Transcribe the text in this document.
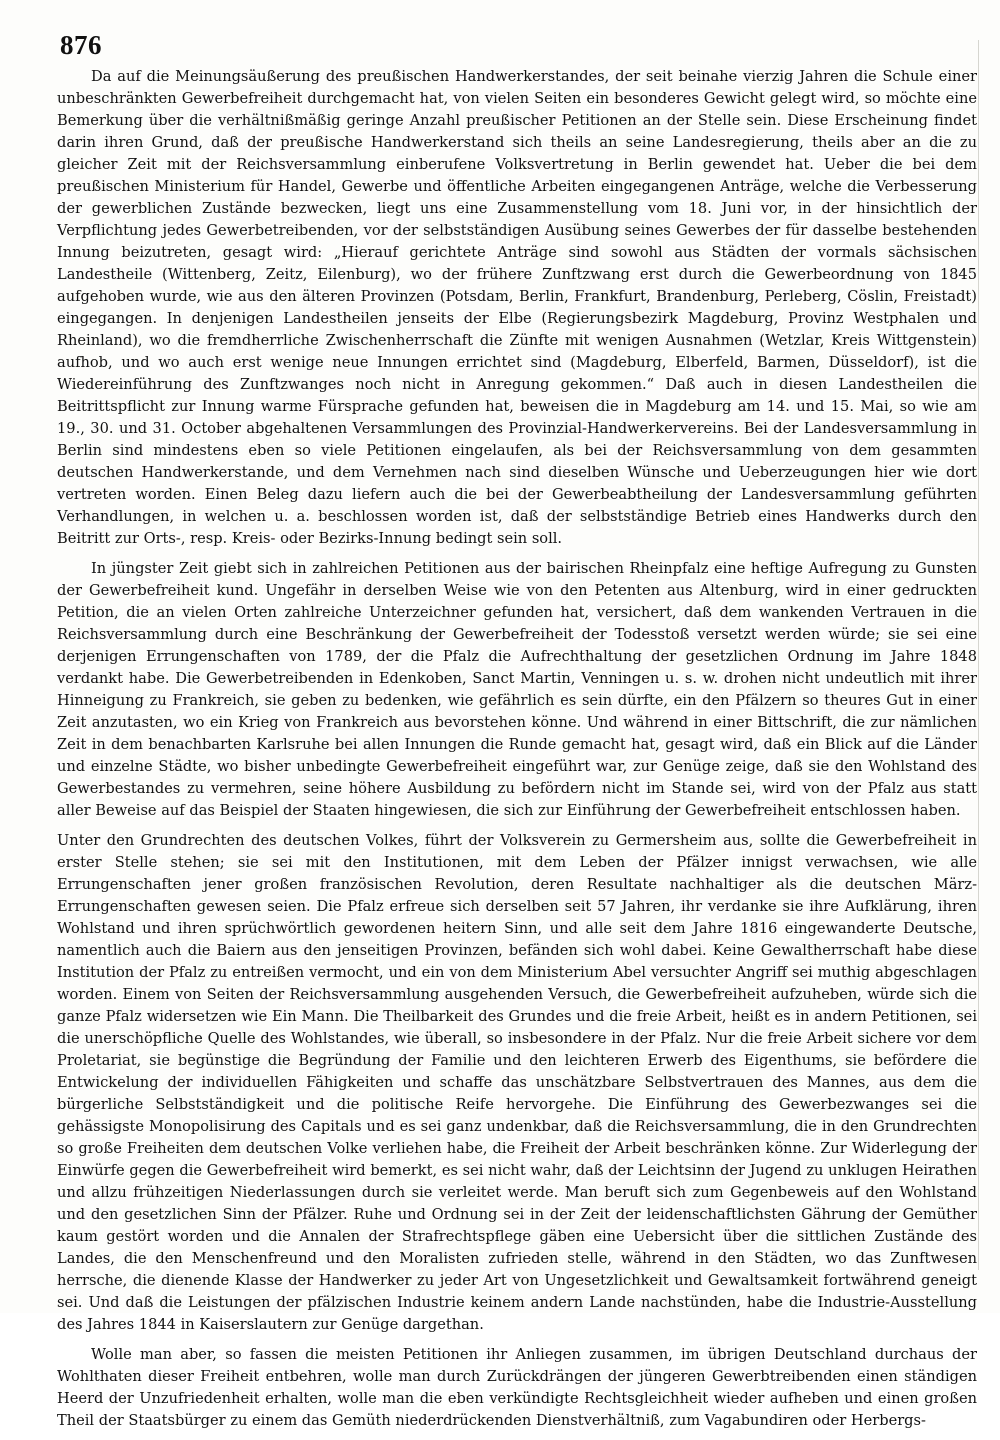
876

Da auf die Meinungsäußerung des preußischen Handwerkerstandes, der seit beinahe vierzig Jahren die Schule einer unbeschränkten Gewerbefreiheit durchgemacht hat, von vielen Seiten ein besonderes Gewicht gelegt wird, so möchte eine Bemerkung über die verhältnißmäßig geringe Anzahl preußischer Petitionen an der Stelle sein. Diese Erscheinung findet darin ihren Grund, daß der preußische Handwerkerstand sich theils an seine Landesregierung, theils aber an die zu gleicher Zeit mit der Reichsversammlung einberufene Volksvertretung in Berlin gewendet hat. Ueber die bei dem preußischen Ministerium für Handel, Gewerbe und öffentliche Arbeiten eingegangenen Anträge, welche die Verbesserung der gewerblichen Zustände bezwecken, liegt uns eine Zusammenstellung vom 18. Juni vor, in der hinsichtlich der Verpflichtung jedes Gewerbetreibenden, vor der selbstständigen Ausübung seines Gewerbes der für dasselbe bestehenden Innung beizutreten, gesagt wird: „Hierauf gerichtete Anträge sind sowohl aus Städten der vormals sächsischen Landestheile (Wittenberg, Zeitz, Eilenburg), wo der frühere Zunftzwang erst durch die Gewerbeordnung von 1845 aufgehoben wurde, wie aus den älteren Provinzen (Potsdam, Berlin, Frankfurt, Brandenburg, Perleberg, Cöslin, Freistadt) eingegangen. In denjenigen Landestheilen jenseits der Elbe (Regierungsbezirk Magdeburg, Provinz Westphalen und Rheinland), wo die fremdherrliche Zwischenherrschaft die Zünfte mit wenigen Ausnahmen (Wetzlar, Kreis Wittgenstein) aufhob, und wo auch erst wenige neue Innungen errichtet sind (Magdeburg, Elberfeld, Barmen, Düsseldorf), ist die Wiedereinführung des Zunftzwanges noch nicht in Anregung gekommen.“ Daß auch in diesen Landestheilen die Beitrittspflicht zur Innung warme Fürsprache gefunden hat, beweisen die in Magdeburg am 14. und 15. Mai, so wie am 19., 30. und 31. October abgehaltenen Versammlungen des Provinzial-Handwerkervereins. Bei der Landesversammlung in Berlin sind mindestens eben so viele Petitionen eingelaufen, als bei der Reichsversammlung von dem gesammten deutschen Handwerkerstande, und dem Vernehmen nach sind dieselben Wünsche und Ueberzeugungen hier wie dort vertreten worden. Einen Beleg dazu liefern auch die bei der Gewerbeabtheilung der Landesversammlung geführten Verhandlungen, in welchen u. a. beschlossen worden ist, daß der selbstständige Betrieb eines Handwerks durch den Beitritt zur Orts-, resp. Kreis- oder Bezirks-Innung bedingt sein soll.

In jüngster Zeit giebt sich in zahlreichen Petitionen aus der bairischen Rheinpfalz eine heftige Aufregung zu Gunsten der Gewerbefreiheit kund. Ungefähr in derselben Weise wie von den Petenten aus Altenburg, wird in einer gedruckten Petition, die an vielen Orten zahlreiche Unterzeichner gefunden hat, versichert, daß dem wankenden Vertrauen in die Reichsversammlung durch eine Beschränkung der Gewerbefreiheit der Todesstoß versetzt werden würde; sie sei eine derjenigen Errungenschaften von 1789, der die Pfalz die Aufrechthaltung der gesetzlichen Ordnung im Jahre 1848 verdankt habe. Die Gewerbetreibenden in Edenkoben, Sanct Martin, Venningen u. s. w. drohen nicht undeutlich mit ihrer Hinneigung zu Frankreich, sie geben zu bedenken, wie gefährlich es sein dürfte, ein den Pfälzern so theures Gut in einer Zeit anzutasten, wo ein Krieg von Frankreich aus bevorstehen könne. Und während in einer Bittschrift, die zur nämlichen Zeit in dem benachbarten Karlsruhe bei allen Innungen die Runde gemacht hat, gesagt wird, daß ein Blick auf die Länder und einzelne Städte, wo bisher unbedingte Gewerbefreiheit eingeführt war, zur Genüge zeige, daß sie den Wohlstand des Gewerbestandes zu vermehren, seine höhere Ausbildung zu befördern nicht im Stande sei, wird von der Pfalz aus statt aller Beweise auf das Beispiel der Staaten hingewiesen, die sich zur Einführung der Gewerbefreiheit entschlossen haben.

Unter den Grundrechten des deutschen Volkes, führt der Volksverein zu Germersheim aus, sollte die Gewerbefreiheit in erster Stelle stehen; sie sei mit den Institutionen, mit dem Leben der Pfälzer innigst verwachsen, wie alle Errungenschaften jener großen französischen Revolution, deren Resultate nachhaltiger als die deutschen März-Errungenschaften gewesen seien. Die Pfalz erfreue sich derselben seit 57 Jahren, ihr verdanke sie ihre Aufklärung, ihren Wohlstand und ihren sprüchwörtlich gewordenen heitern Sinn, und alle seit dem Jahre 1816 eingewanderte Deutsche, namentlich auch die Baiern aus den jenseitigen Provinzen, befänden sich wohl dabei. Keine Gewaltherrschaft habe diese Institution der Pfalz zu entreißen vermocht, und ein von dem Ministerium Abel versuchter Angriff sei muthig abgeschlagen worden. Einem von Seiten der Reichsversammlung ausgehenden Versuch, die Gewerbefreiheit aufzuheben, würde sich die ganze Pfalz widersetzen wie Ein Mann. Die Theilbarkeit des Grundes und die freie Arbeit, heißt es in andern Petitionen, sei die unerschöpfliche Quelle des Wohlstandes, wie überall, so insbesondere in der Pfalz. Nur die freie Arbeit sichere vor dem Proletariat, sie begünstige die Begründung der Familie und den leichteren Erwerb des Eigenthums, sie befördere die Entwickelung der individuellen Fähigkeiten und schaffe das unschätzbare Selbstvertrauen des Mannes, aus dem die bürgerliche Selbstständigkeit und die politische Reife hervorgehe. Die Einführung des Gewerbezwanges sei die gehässigste Monopolisirung des Capitals und es sei ganz undenkbar, daß die Reichsversammlung, die in den Grundrechten so große Freiheiten dem deutschen Volke verliehen habe, die Freiheit der Arbeit beschränken könne. Zur Widerlegung der Einwürfe gegen die Gewerbefreiheit wird bemerkt, es sei nicht wahr, daß der Leichtsinn der Jugend zu unklugen Heirathen und allzu frühzeitigen Niederlassungen durch sie verleitet werde. Man beruft sich zum Gegenbeweis auf den Wohlstand und den gesetzlichen Sinn der Pfälzer. Ruhe und Ordnung sei in der Zeit der leidenschaftlichsten Gährung der Gemüther kaum gestört worden und die Annalen der Strafrechtspflege gäben eine Uebersicht über die sittlichen Zustände des Landes, die den Menschenfreund und den Moralisten zufrieden stelle, während in den Städten, wo das Zunftwesen herrsche, die dienende Klasse der Handwerker zu jeder Art von Ungesetzlichkeit und Gewaltsamkeit fortwährend geneigt sei. Und daß die Leistungen der pfälzischen Industrie keinem andern Lande nachstünden, habe die Industrie-Ausstellung des Jahres 1844 in Kaiserslautern zur Genüge dargethan.

Wolle man aber, so fassen die meisten Petitionen ihr Anliegen zusammen, im übrigen Deutschland durchaus der Wohlthaten dieser Freiheit entbehren, wolle man durch Zurückdrängen der jüngeren Gewerbtreibenden einen ständigen Heerd der Unzufriedenheit erhalten, wolle man die eben verkündigte Rechtsgleichheit wieder aufheben und einen großen Theil der Staatsbürger zu einem das Gemüth niederdrückenden Dienstverhältniß, zum Vagabundiren oder Herbergs-
